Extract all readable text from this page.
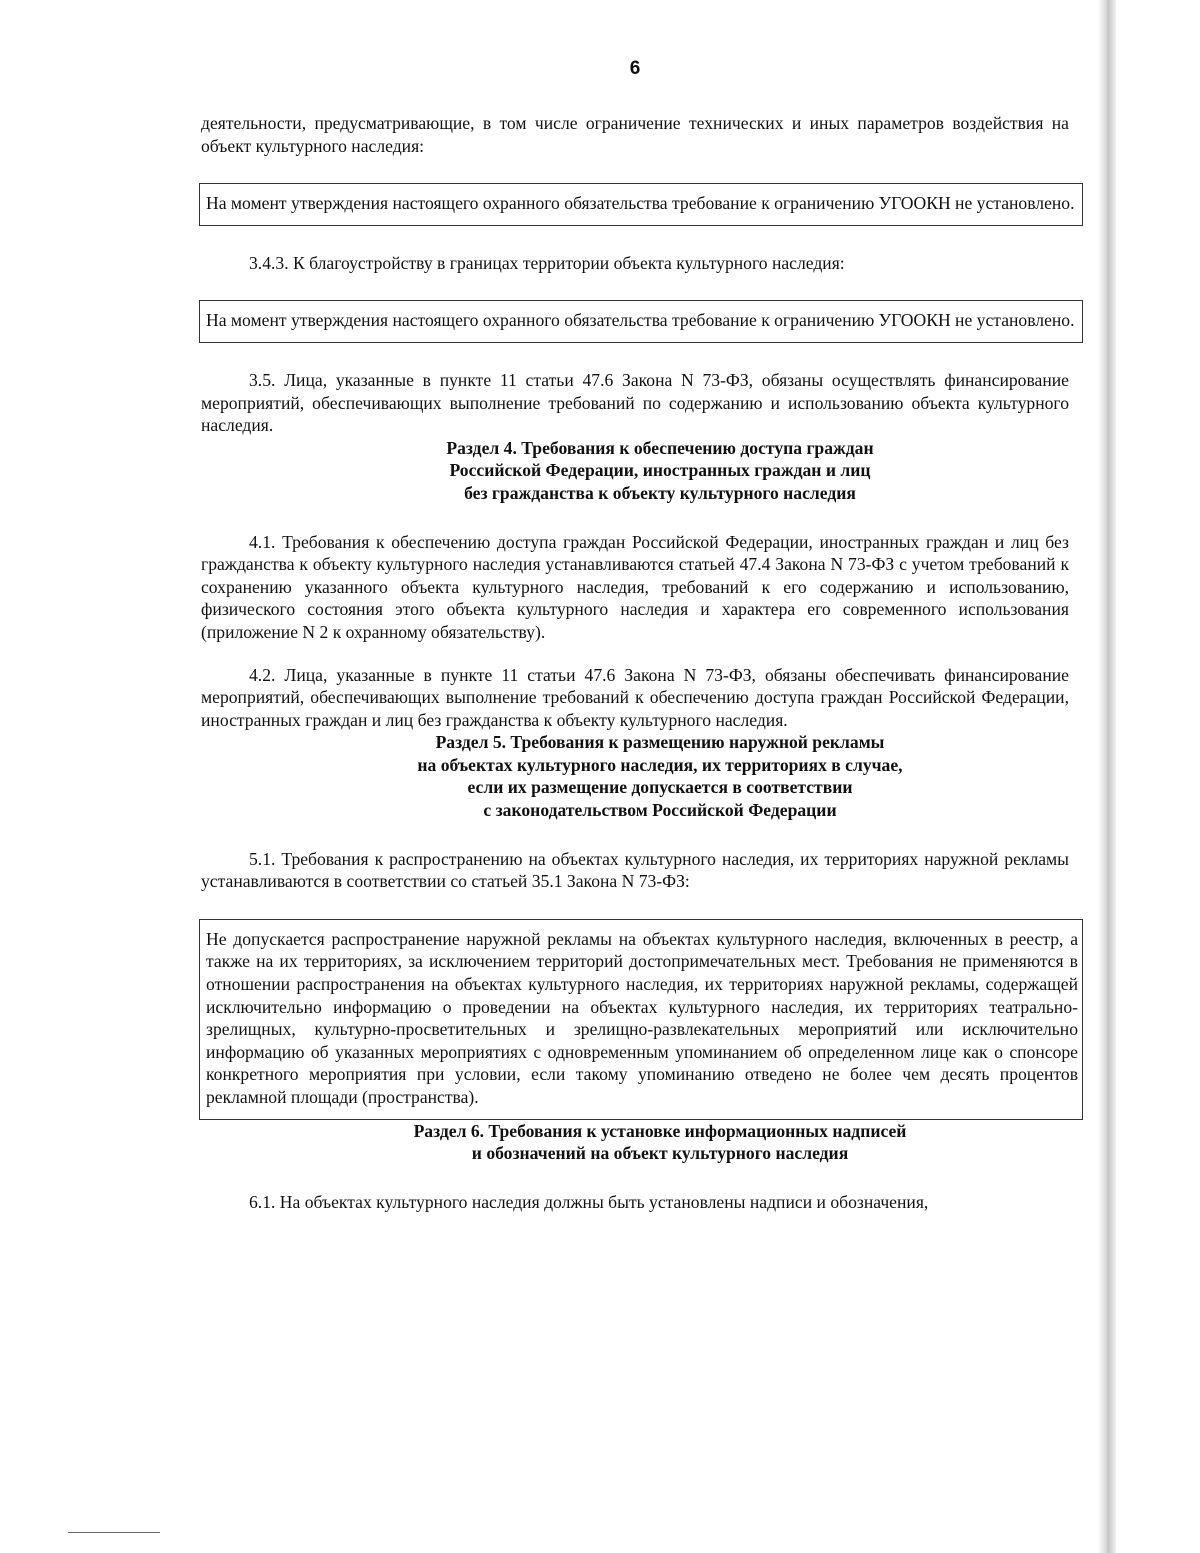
6

деятельности, предусматривающие, в том числе ограничение технических и иных параметров воздействия на объект культурного наследия:

На момент утверждения настоящего охранного обязательства требование к ограничению УГООКН не установлено.

3.4.3. К благоустройству в границах территории объекта культурного наследия:

На момент утверждения настоящего охранного обязательства требование к ограничению УГООКН не установлено.

3.5. Лица, указанные в пункте 11 статьи 47.6 Закона N 73-ФЗ, обязаны осуществлять финансирование мероприятий, обеспечивающих выполнение требований по содержанию и использованию объекта культурного наследия.

Раздел 4. Требования к обеспечению доступа граждан
Российской Федерации, иностранных граждан и лиц
без гражданства к объекту культурного наследия

4.1. Требования к обеспечению доступа граждан Российской Федерации, иностранных граждан и лиц без гражданства к объекту культурного наследия устанавливаются статьей 47.4 Закона N 73-ФЗ с учетом требований к сохранению указанного объекта культурного наследия, требований к его содержанию и использованию, физического состояния этого объекта культурного наследия и характера его современного использования (приложение N 2 к охранному обязательству).

4.2. Лица, указанные в пункте 11 статьи 47.6 Закона N 73-ФЗ, обязаны обеспечивать финансирование мероприятий, обеспечивающих выполнение требований к обеспечению доступа граждан Российской Федерации, иностранных граждан и лиц без гражданства к объекту культурного наследия.

Раздел 5. Требования к размещению наружной рекламы
на объектах культурного наследия, их территориях в случае,
если их размещение допускается в соответствии
с законодательством Российской Федерации

5.1. Требования к распространению на объектах культурного наследия, их территориях наружной рекламы устанавливаются в соответствии со статьей 35.1 Закона N 73-ФЗ:

Не допускается распространение наружной рекламы на объектах культурного наследия, включенных в реестр, а также на их территориях, за исключением территорий достопримечательных мест. Требования не применяются в отношении распространения на объектах культурного наследия, их территориях наружной рекламы, содержащей исключительно информацию о проведении на объектах культурного наследия, их территориях театрально-зрелищных, культурно-просветительных и зрелищно-развлекательных мероприятий или исключительно информацию об указанных мероприятиях с одновременным упоминанием об определенном лице как о спонсоре конкретного мероприятия при условии, если такому упоминанию отведено не более чем десять процентов рекламной площади (пространства).

Раздел 6. Требования к установке информационных надписей
и обозначений на объект культурного наследия

6.1. На объектах культурного наследия должны быть установлены надписи и обозначения,
